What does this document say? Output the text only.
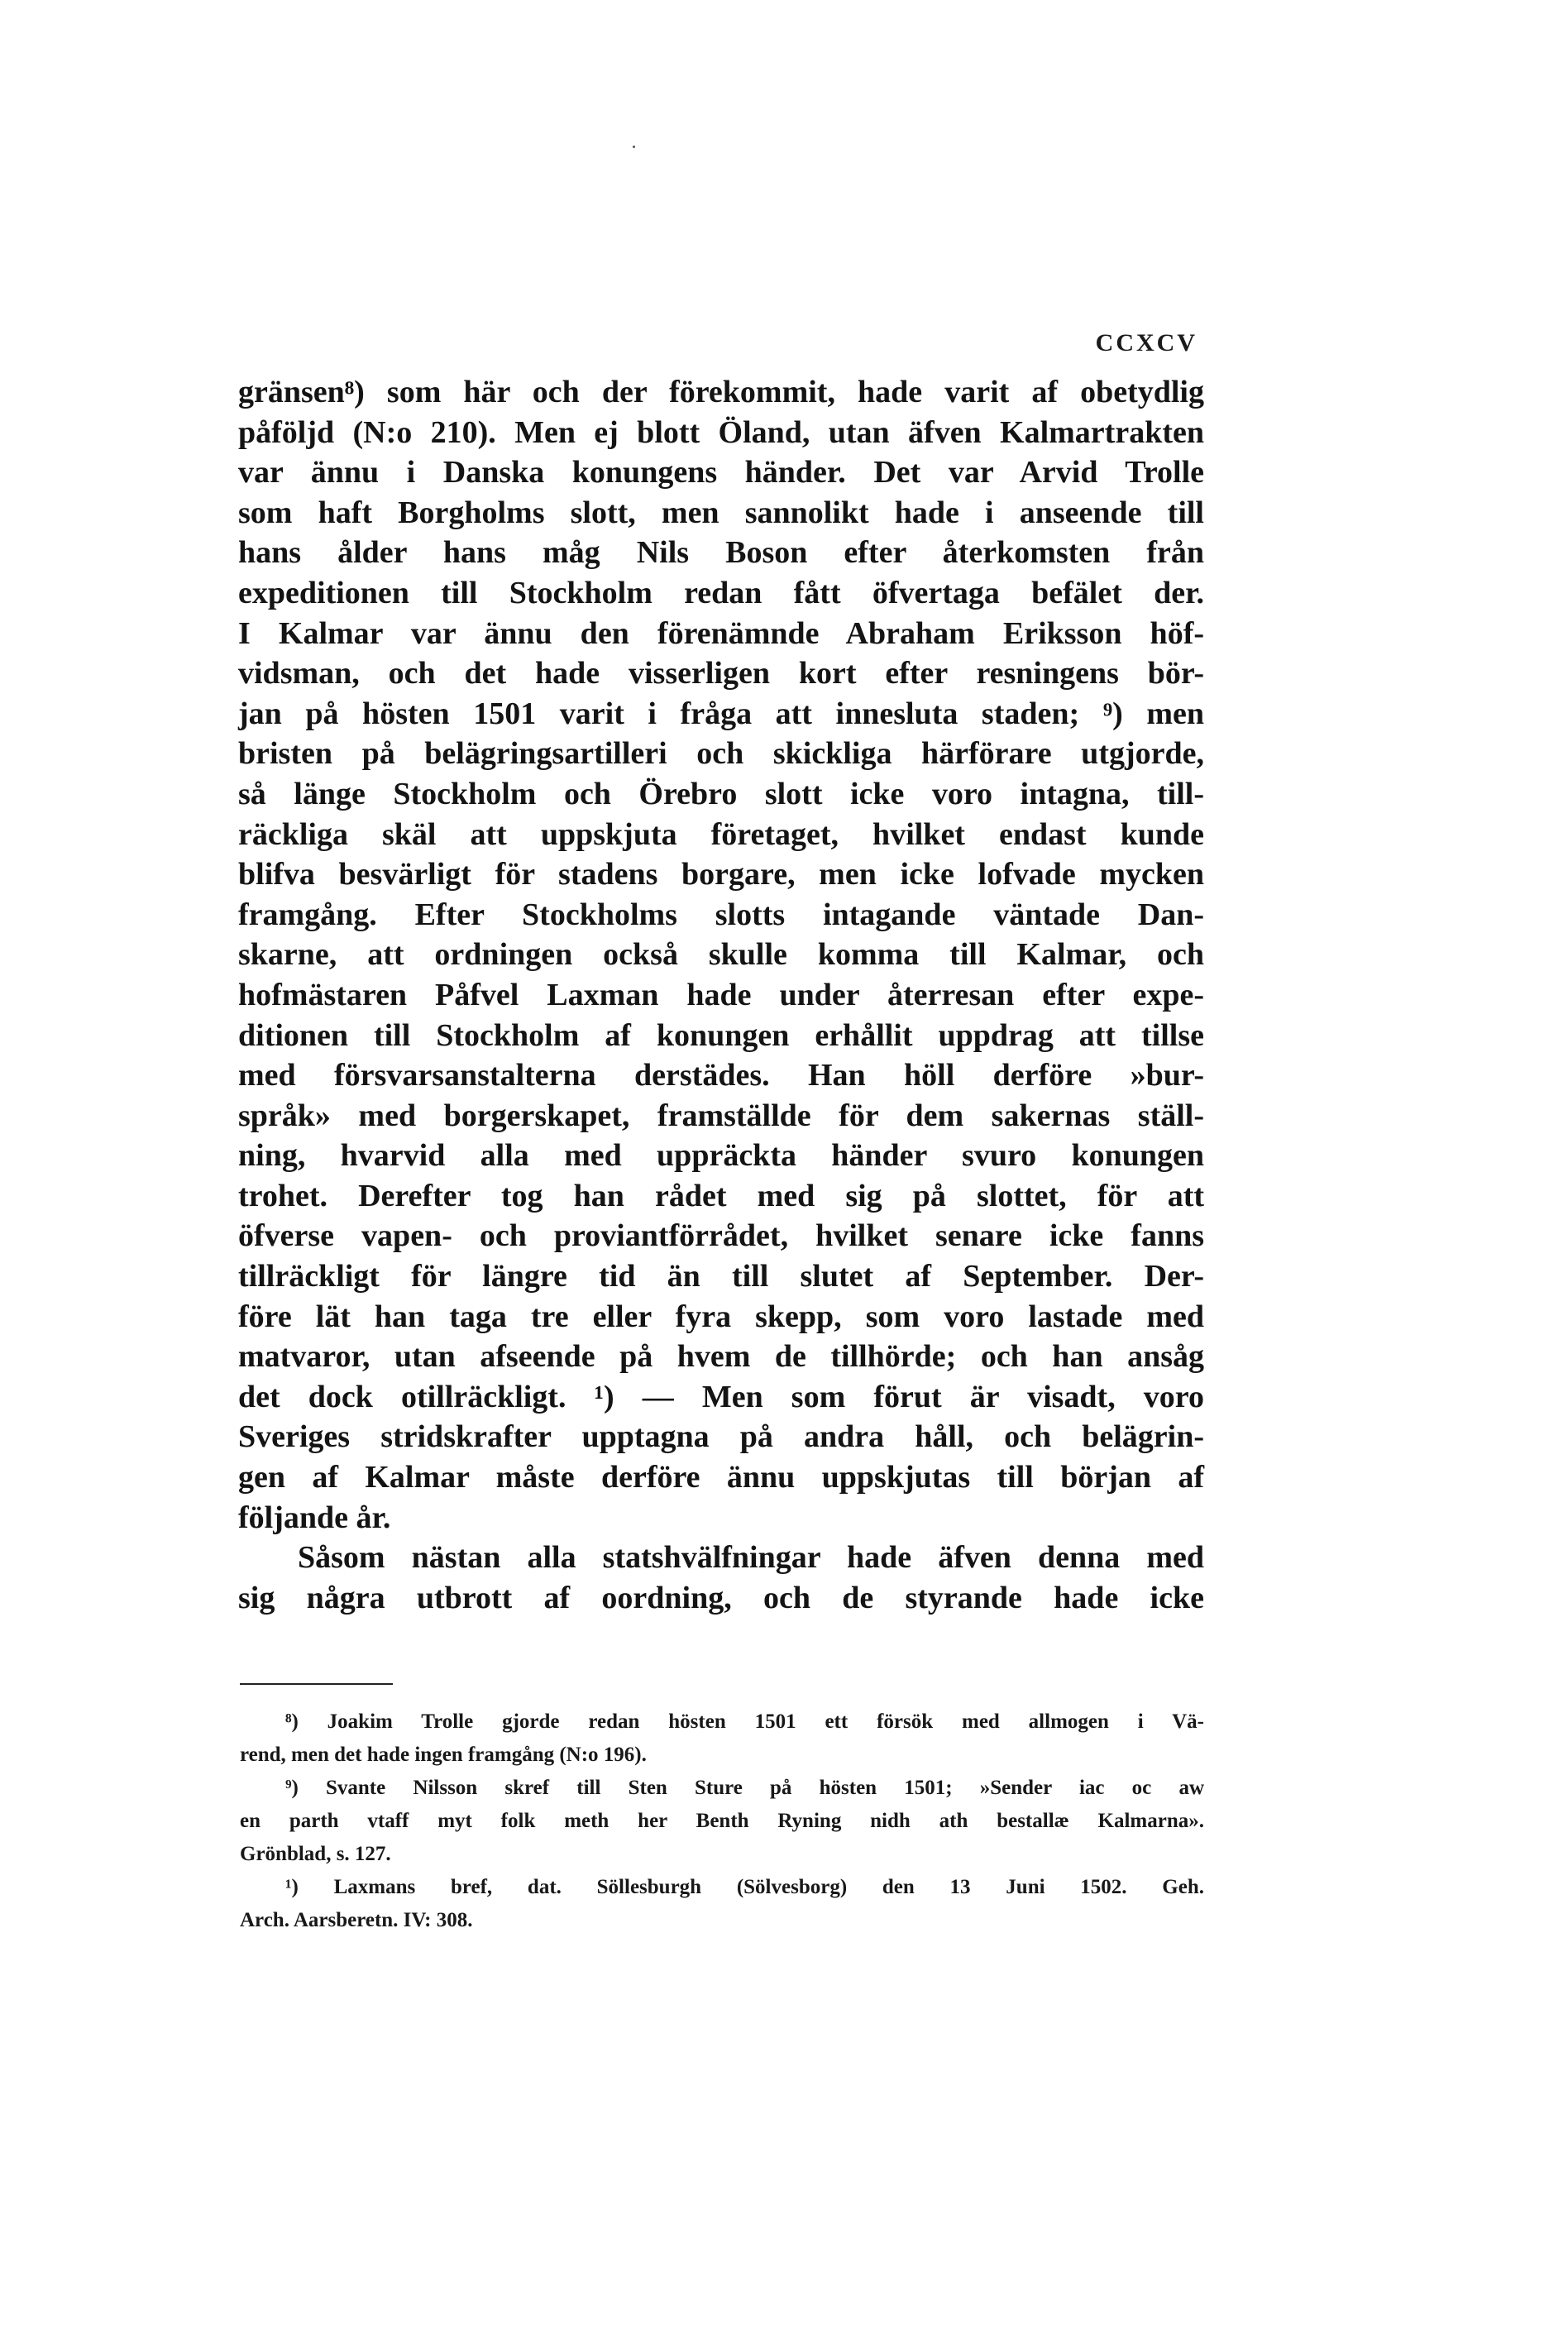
CCXCV
gränsen⁸) som här och der förekommit, hade varit af obetydlig
påföljd (N:o 210). Men ej blott Öland, utan äfven Kalmartrakten
var ännu i Danska konungens händer. Det var Arvid Trolle
som haft Borgholms slott, men sannolikt hade i anseende till
hans ålder hans måg Nils Boson efter återkomsten från
expeditionen till Stockholm redan fått öfvertaga befälet der.
I Kalmar var ännu den förenämnde Abraham Eriksson höf-
vidsman, och det hade visserligen kort efter resningens bör-
jan på hösten 1501 varit i fråga att innesluta staden; ⁹) men
bristen på belägringsartilleri och skickliga härförare utgjorde,
så länge Stockholm och Örebro slott icke voro intagna, till-
räckliga skäl att uppskjuta företaget, hvilket endast kunde
blifva besvärligt för stadens borgare, men icke lofvade mycken
framgång. Efter Stockholms slotts intagande väntade Dan-
skarne, att ordningen också skulle komma till Kalmar, och
hofmästaren Påfvel Laxman hade under återresan efter expe-
ditionen till Stockholm af konungen erhållit uppdrag att tillse
med försvarsanstalterna derstädes. Han höll derföre »bur-
språk» med borgerskapet, framställde för dem sakernas ställ-
ning, hvarvid alla med uppräckta händer svuro konungen
trohet. Derefter tog han rådet med sig på slottet, för att
öfverse vapen- och proviantförrådet, hvilket senare icke fanns
tillräckligt för längre tid än till slutet af September. Der-
före lät han taga tre eller fyra skepp, som voro lastade med
matvaror, utan afseende på hvem de tillhörde; och han ansåg
det dock otillräckligt. ¹) — Men som förut är visadt, voro
Sveriges stridskrafter upptagna på andra håll, och belägrin-
gen af Kalmar måste derföre ännu uppskjutas till början af
följande år.
Såsom nästan alla statshvälfningar hade äfven denna med
sig några utbrott af oordning, och de styrande hade icke
⁸) Joakim Trolle gjorde redan hösten 1501 ett försök med allmogen i Vä-
rend, men det hade ingen framgång (N:o 196).
⁹) Svante Nilsson skref till Sten Sture på hösten 1501; »Sender iac oc aw
en parth vtaff myt folk meth her Benth Ryning nidh ath bestallæ Kalmarna».
Grönblad, s. 127.
¹) Laxmans bref, dat. Söllesburgh (Sölvesborg) den 13 Juni 1502. Geh.
Arch. Aarsberetn. IV: 308.
